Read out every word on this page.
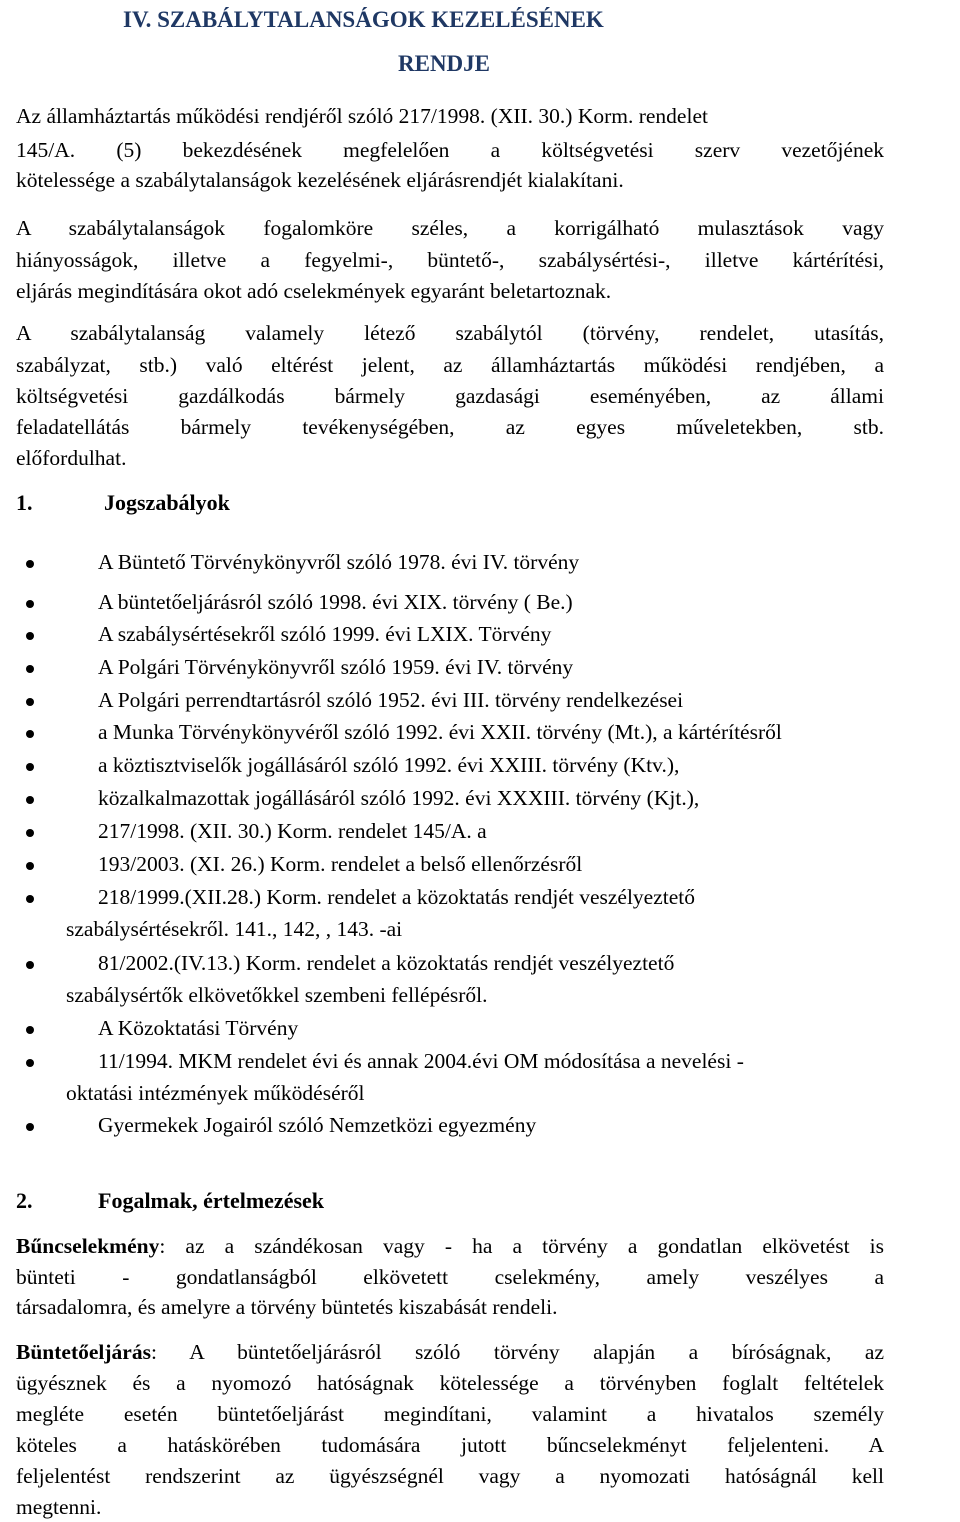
IV. SZABÁLYTALANSÁGOK KEZELÉSÉNEK
RENDJE
Az államháztartás működési rendjéről szóló 217/1998. (XII. 30.) Korm. rendelet
145/A. (5) bekezdésének megfelelően a költségvetési szerv vezetőjének
kötelessége a szabálytalanságok kezelésének eljárásrendjét kialakítani.
A szabálytalanságok fogalomköre széles, a korrigálható mulasztások vagy
hiányosságok, illetve a fegyelmi-, büntető-, szabálysértési-, illetve kártérítési,
eljárás megindítására okot adó cselekmények egyaránt beletartoznak.
A szabálytalanság valamely létező szabálytól (törvény, rendelet, utasítás,
szabályzat, stb.) való eltérést jelent, az államháztartás működési rendjében, a
költségvetési gazdálkodás bármely gazdasági eseményében, az állami
feladatellátás bármely tevékenységében, az egyes műveletekben, stb.
előfordulhat.
1.	Jogszabályok
A Büntető Törvénykönyvről szóló 1978. évi IV. törvény
A büntetőeljárásról szóló 1998. évi XIX. törvény ( Be.)
A szabálysértésekről szóló 1999. évi LXIX. Törvény
A Polgári Törvénykönyvről szóló 1959. évi IV. törvény
A Polgári perrendtartásról szóló 1952. évi III. törvény rendelkezései
a Munka Törvénykönyvéről szóló 1992. évi XXII. törvény (Mt.), a kártérítésről
a köztisztviselők jogállásáról szóló 1992. évi XXIII. törvény (Ktv.),
közalkalmazottak jogállásáról szóló 1992. évi XXXIII. törvény (Kjt.),
217/1998. (XII. 30.) Korm. rendelet 145/A. a
193/2003. (XI. 26.) Korm. rendelet a belső ellenőrzésről
218/1999.(XII.28.) Korm. rendelet a közoktatás rendjét veszélyeztető
szabálysértésekről. 141., 142, , 143. -ai
81/2002.(IV.13.) Korm. rendelet a közoktatás rendjét veszélyeztető
szabálysértők elkövetőkkel szembeni fellépésről.
A Közoktatási Törvény
11/1994. MKM rendelet évi és annak 2004.évi OM módosítása a nevelési -
oktatási intézmények működéséről
Gyermekek Jogairól szóló Nemzetközi egyezmény
2.	Fogalmak, értelmezések
Bűncselekmény: az a szándékosan vagy - ha a törvény a gondatlan elkövetést is
bünteti - gondatlanságból elkövetett cselekmény, amely veszélyes a
társadalomra, és amelyre a törvény büntetés kiszabását rendeli.
Büntetőeljárás: A büntetőeljárásról szóló törvény alapján a bíróságnak, az
ügyésznek és a nyomozó hatóságnak kötelessége a törvényben foglalt feltételek
megléte esetén büntetőeljárást megindítani, valamint a hivatalos személy
köteles a hatáskörében tudomására jutott bűncselekményt feljelenteni. A
feljelentést rendszerint az ügyészségnél vagy a nyomozati hatóságnál kell
megtenni.
